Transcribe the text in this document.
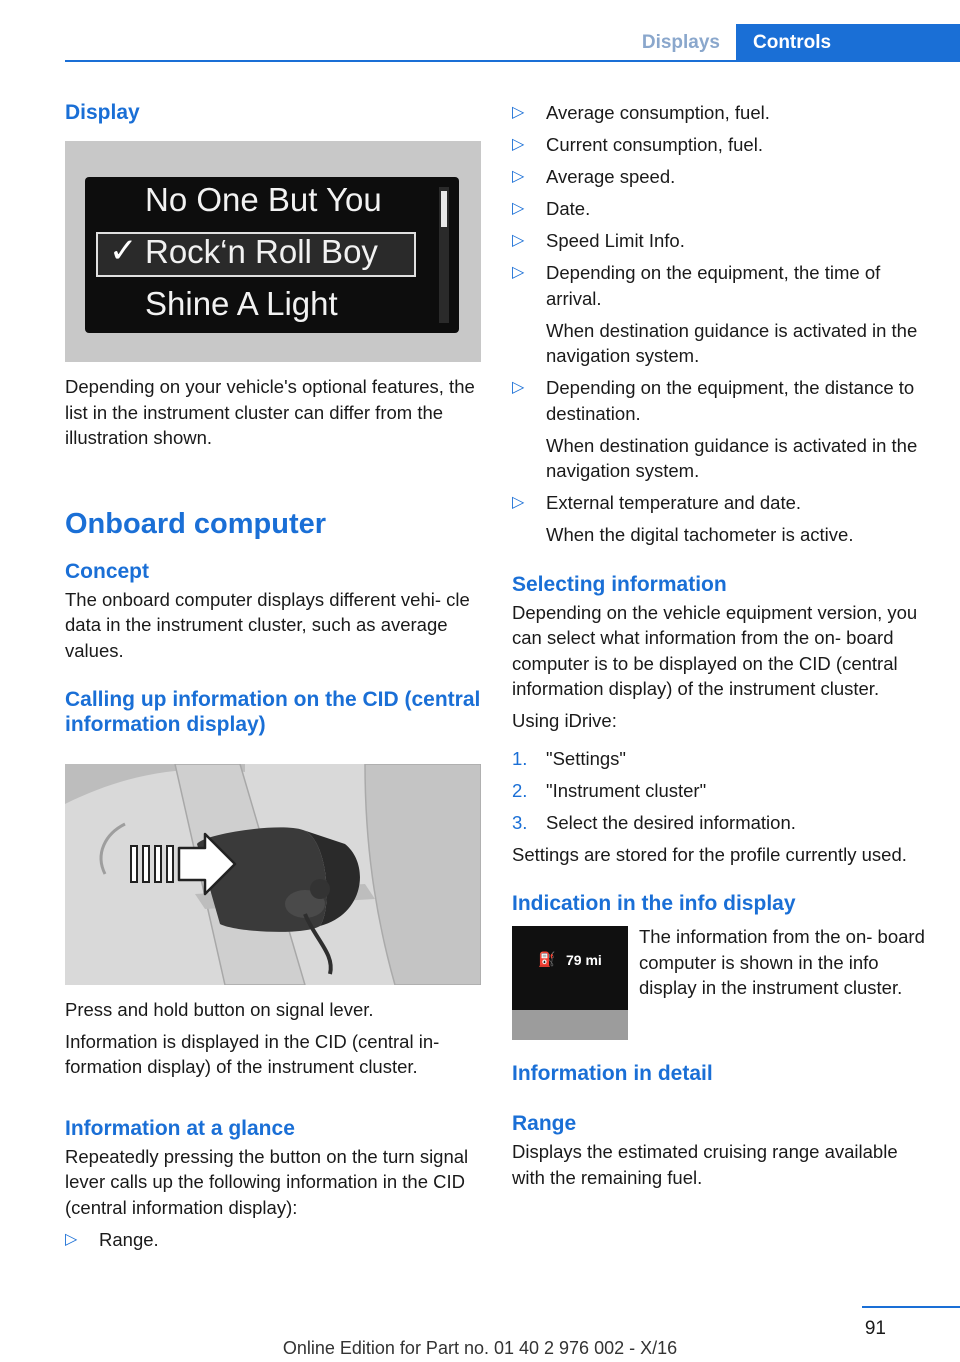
Displays	Controls
Display
No One But You
✓ Rock‘n Roll Boy
Shine A Light

Depending on your vehicle's optional features, the list in the instrument cluster can differ from the illustration shown.

Onboard computer
Concept

The onboard computer displays different vehi‐ cle data in the instrument cluster, such as average values.

Calling up information on the CID (central information display)

Press and hold button on signal lever.

Information is displayed in the CID (central in‐ formation display) of the instrument cluster.

Information at a glance

Repeatedly pressing the button on the turn signal lever calls up the following information in the CID (central information display):

▷ Range.
▷ Average consumption, fuel.
▷ Current consumption, fuel.
▷ Average speed.
▷ Date.
▷ Speed Limit Info.
▷ Depending on the equipment, the time of arrival.
When destination guidance is activated in the navigation system.
▷ Depending on the equipment, the distance to destination.
When destination guidance is activated in the navigation system.
▷ External temperature and date.
When the digital tachometer is active.
Selecting information

Depending on the vehicle equipment version, you can select what information from the on‐ board computer is to be displayed on the CID (central information display) of the instrument cluster.

Using iDrive:

1. "Settings"
2. "Instrument cluster"
3. Select the desired information.

Settings are stored for the profile currently used.

Indication in the info display
⛽ 79 mi
The information from the on‐ board computer is shown in the info display in the instrument cluster.
Information in detail
Range

Displays the estimated cruising range available with the remaining fuel.

91
Online Edition for Part no. 01 40 2 976 002 - X/16
